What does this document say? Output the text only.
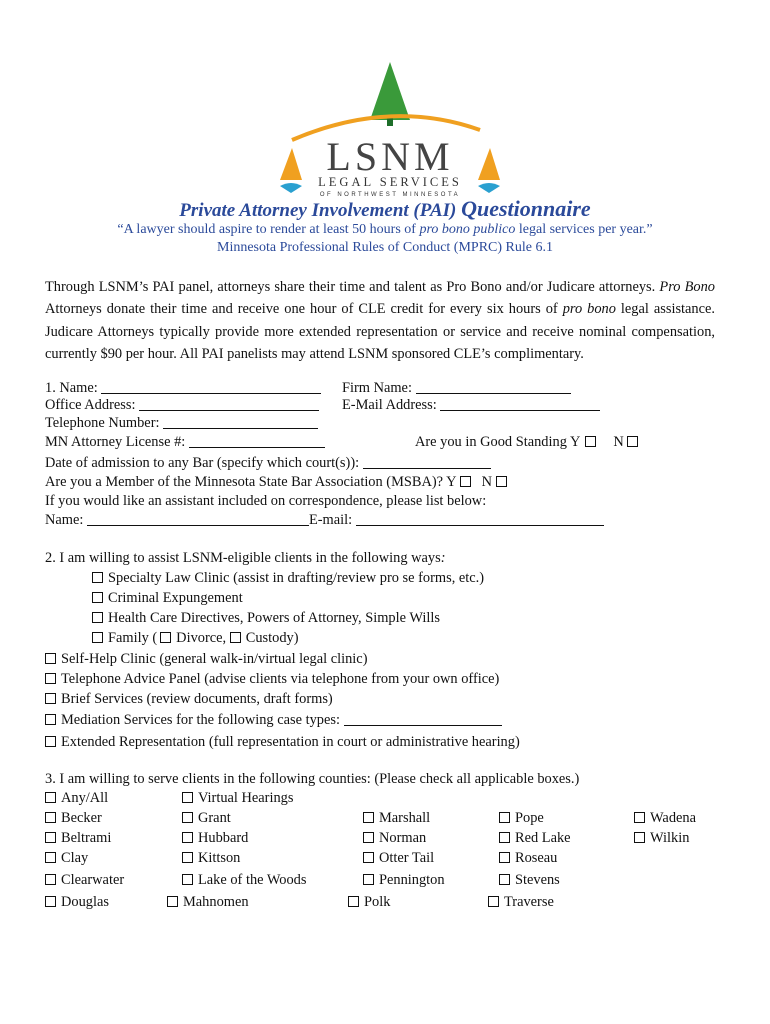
LSNM
LEGAL SERVICES
OF NORTHWEST MINNESOTA
Private Attorney Involvement (PAI) Questionnaire
“A lawyer should aspire to render at least 50 hours of pro bono publico legal services per year.”
Minnesota Professional Rules of Conduct (MPRC) Rule 6.1
Through LSNM’s PAI panel, attorneys share their time and talent as Pro Bono and/or Judicare attorneys. Pro Bono Attorneys donate their time and receive one hour of CLE credit for every six hours of pro bono legal assistance. Judicare Attorneys typically provide more extended representation or service and receive nominal compensation, currently $90 per hour. All PAI panelists may attend LSNM sponsored CLE’s complimentary.
1. Name:	Firm Name:
Office Address:	E-Mail Address:
Telephone Number:
MN Attorney License #:	Are you in Good Standing Y N
Date of admission to any Bar (specify which court(s)):
Are you a Member of the Minnesota State Bar Association (MSBA)? Y N
If you would like an assistant included on correspondence, please list below:
Name:	E-mail:
2. I am willing to assist LSNM-eligible clients in the following ways:
Specialty Law Clinic (assist in drafting/review pro se forms, etc.)
Criminal Expungement
Health Care Directives, Powers of Attorney, Simple Wills
Family ( Divorce, Custody)
Self-Help Clinic (general walk-in/virtual legal clinic)
Telephone Advice Panel (advise clients via telephone from your own office)
Brief Services (review documents, draft forms)
Mediation Services for the following case types:
Extended Representation (full representation in court or administrative hearing)
3. I am willing to serve clients in the following counties: (Please check all applicable boxes.)
Any/All	Virtual Hearings
Becker	Grant	Marshall	Pope	Wadena
Beltrami	Hubbard	Norman	Red Lake	Wilkin
Clay	Kittson	Otter Tail	Roseau
Clearwater	Lake of the Woods	Pennington	Stevens
Douglas	Mahnomen	Polk	Traverse
